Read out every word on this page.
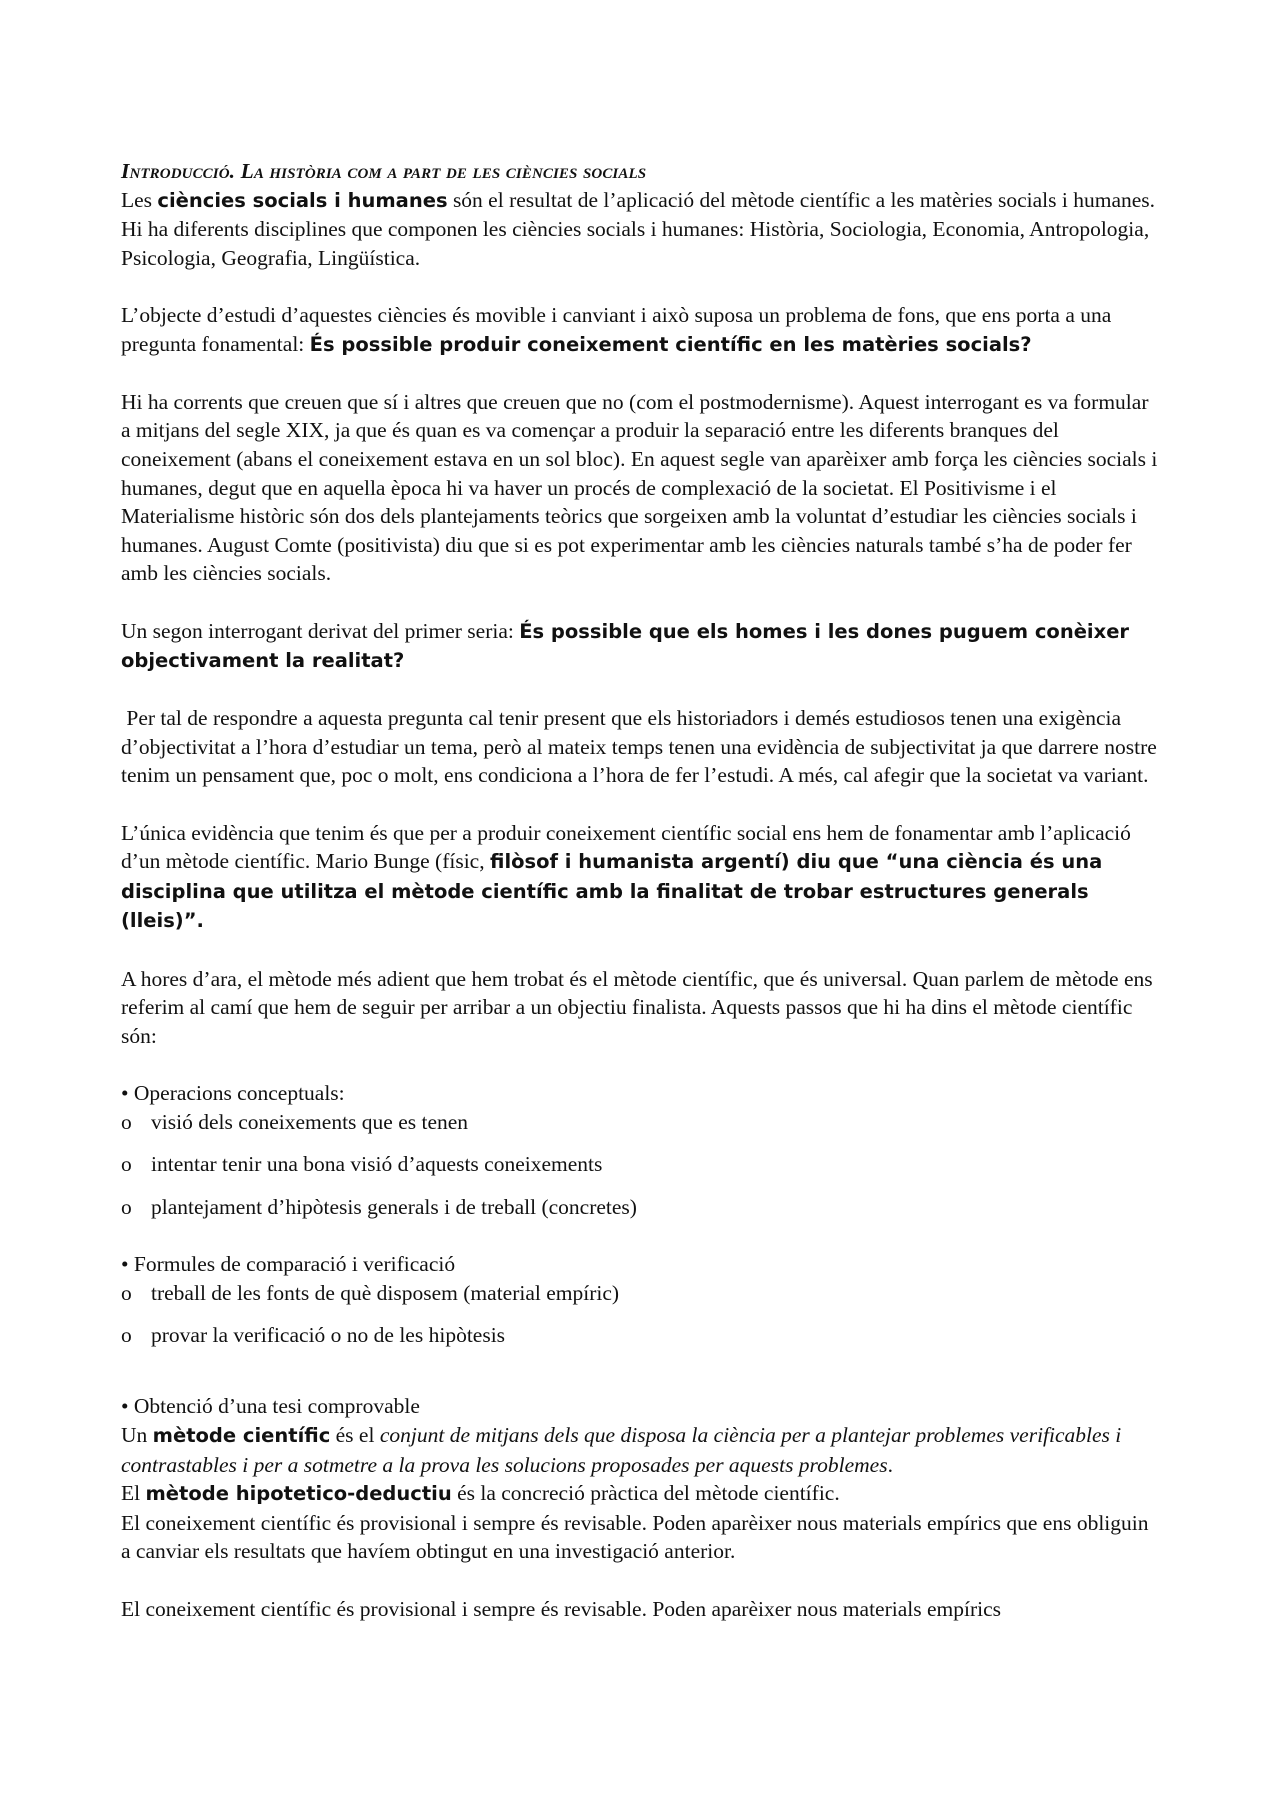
Introducció. La història com a part de les ciències socials

Les ciències socials i humanes són el resultat de l’aplicació del mètode científic a les matèries socials i humanes. Hi ha diferents disciplines que componen les ciències socials i humanes: Història, Sociologia, Economia, Antropologia, Psicologia, Geografia, Lingüística.

L’objecte d’estudi d’aquestes ciències és movible i canviant i això suposa un problema de fons, que ens porta a una pregunta fonamental: És possible produir coneixement científic en les matèries socials?

Hi ha corrents que creuen que sí i altres que creuen que no (com el postmodernisme). Aquest interrogant es va formular a mitjans del segle XIX, ja que és quan es va començar a produir la separació entre les diferents branques del coneixement (abans el coneixement estava en un sol bloc). En aquest segle van aparèixer amb força les ciències socials i humanes, degut que en aquella època hi va haver un procés de complexació de la societat. El Positivisme i el Materialisme històric són dos dels plantejaments teòrics que sorgeixen amb la voluntat d’estudiar les ciències socials i humanes. August Comte (positivista) diu que si es pot experimentar amb les ciències naturals també s’ha de poder fer amb les ciències socials.

Un segon interrogant derivat del primer seria: És possible que els homes i les dones puguem conèixer objectivament la realitat?

Per tal de respondre a aquesta pregunta cal tenir present que els historiadors i demés estudiosos tenen una exigència d’objectivitat a l’hora d’estudiar un tema, però al mateix temps tenen una evidència de subjectivitat ja que darrere nostre tenim un pensament que, poc o molt, ens condiciona a l’hora de fer l’estudi. A més, cal afegir que la societat va variant.

L’única evidència que tenim és que per a produir coneixement científic social ens hem de fonamentar amb l’aplicació d’un mètode científic. Mario Bunge (físic, filòsof i humanista argentí) diu que “una ciència és una disciplina que utilitza el mètode científic amb la finalitat de trobar estructures generals (lleis)”.

A hores d’ara, el mètode més adient que hem trobat és el mètode científic, que és universal. Quan parlem de mètode ens referim al camí que hem de seguir per arribar a un objectiu finalista. Aquests passos que hi ha dins el mètode científic són:

• Operacions conceptuals:
o visió dels coneixements que es tenen
o intentar tenir una bona visió d’aquests coneixements
o plantejament d’hipòtesis generals i de treball (concretes)
• Formules de comparació i verificació
o treball de les fonts de què disposem (material empíric)
o provar la verificació o no de les hipòtesis
• Obtenció d’una tesi comprovable

Un mètode científic és el conjunt de mitjans dels que disposa la ciència per a plantejar problemes verificables i contrastables i per a sotmetre a la prova les solucions proposades per aquests problemes.

El mètode hipotetico-deductiu és la concreció pràctica del mètode científic.

El coneixement científic és provisional i sempre és revisable. Poden aparèixer nous materials empírics que ens obliguin a canviar els resultats que havíem obtingut en una investigació anterior.

El coneixement científic és provisional i sempre és revisable. Poden aparèixer nous materials empírics
